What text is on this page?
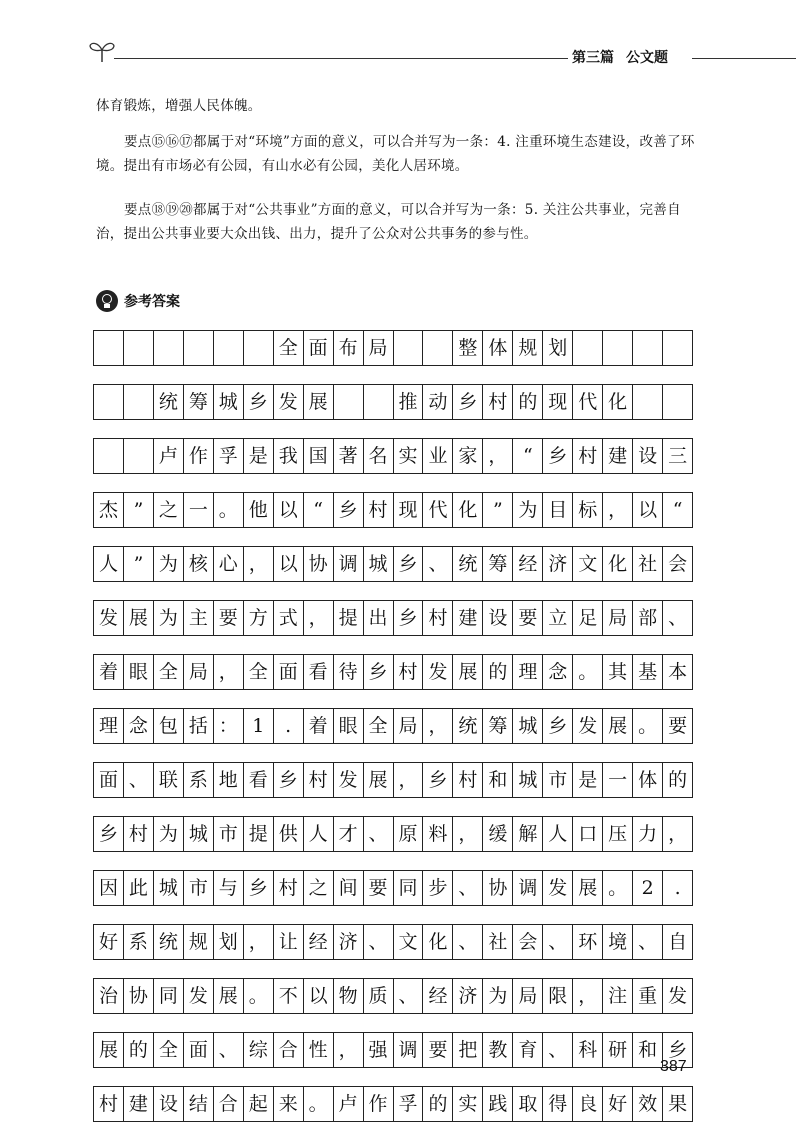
第三篇 公文题
体育锻炼，增强人民体魄。
要点⑮⑯⑰都属于对“环境”方面的意义，可以合并写为一条：4. 注重环境生态建设，改善了环境。提出有市场必有公园，有山水必有公园，美化人居环境。
要点⑱⑲⑳都属于对“公共事业”方面的意义，可以合并写为一条：5. 关注公共事业，完善自治，提出公共事业要大众出钱、出力，提升了公众对公共事务的参与性。
参考答案
全 面 布 局	整 体 规 划
统 筹 城 乡 发 展	推 动 乡 村 的 现 代 化
卢 作 孚 是 我 国 著 名 实 业 家 ， “ 乡 村 建 设 三
杰 ” 之 一 。 他 以 “ 乡 村 现 代 化 ” 为 目 标 ， 以 “
人 ” 为 核 心 ， 以 协 调 城 乡 、 统 筹 经 济 文 化 社 会
发 展 为 主 要 方 式 ， 提 出 乡 村 建 设 要 立 足 局 部 、
着 眼 全 局 ， 全 面 看 待 乡 村 发 展 的 理 念 。 其 基 本
理 念 包 括 ： 1	. 着 眼 全 局 ， 统 筹 城 乡 发 展 。 要
面 、 联 系 地 看 乡 村 发 展 ， 乡 村 和 城 市 是 一 体 的
乡 村 为 城 市 提 供 人 才 、 原 料 ， 缓 解 人 口 压 力 ，
因 此 城 市 与 乡 村 之 间 要 同 步 、 协 调 发 展 。 2	.
好 系 统 规 划 ， 让 经 济 、 文 化 、 社 会 、 环 境 、 自
治 协 同 发 展 。 不 以 物 质 、 经 济 为 局 限 ， 注 重 发
展 的 全 面 、 综 合 性 ， 强 调 要 把 教 育 、 科 研 和 乡
村 建 设 结 合 起 来 。 卢 作 孚 的 实 践 取 得 良 好 效 果
387
